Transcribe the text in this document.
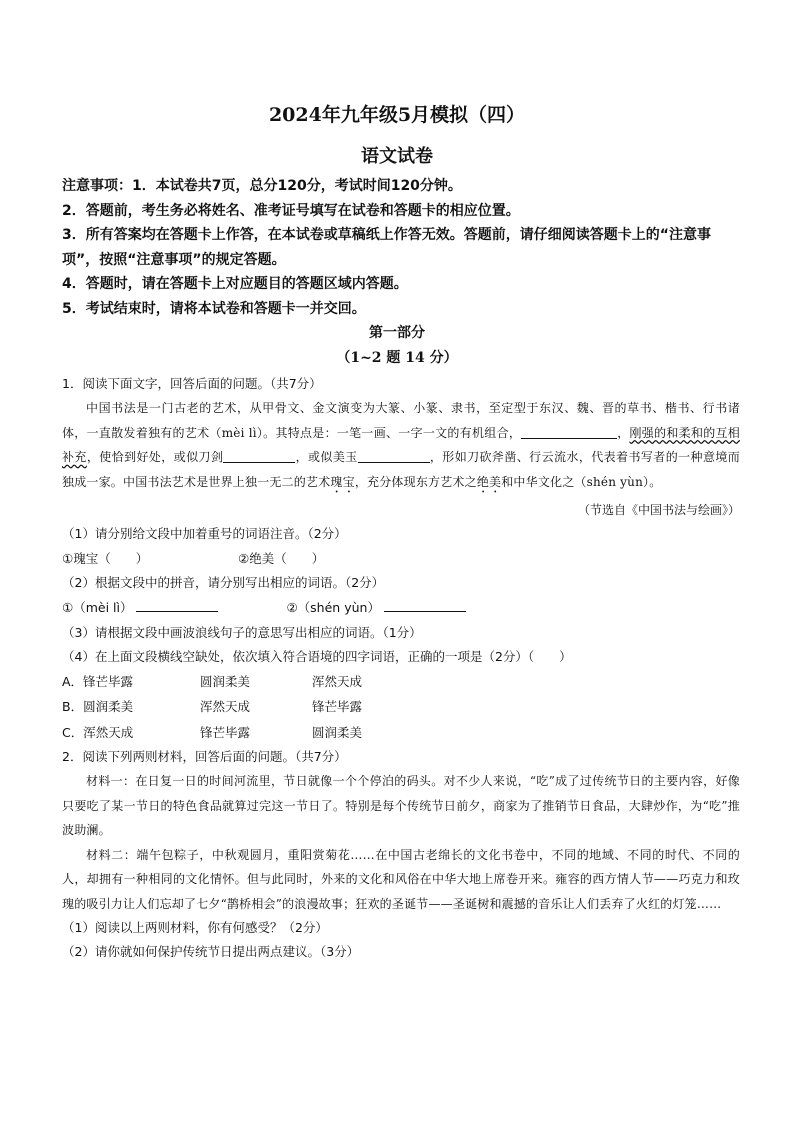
2024年九年级5月模拟（四）
语文试卷

注意事项：1．本试卷共7页，总分120分，考试时间120分钟。

2．答题前，考生务必将姓名、准考证号填写在试卷和答题卡的相应位置。

3．所有答案均在答题卡上作答，在本试卷或草稿纸上作答无效。答题前，请仔细阅读答题卡上的“注意事项”，按照“注意事项”的规定答题。

4．答题时，请在答题卡上对应题目的答题区域内答题。

5．考试结束时，请将本试卷和答题卡一并交回。

第一部分
（1~2 题 14 分）

1．阅读下面文字，回答后面的问题。（共7分）

中国书法是一门古老的艺术，从甲骨文、金文演变为大篆、小篆、隶书，至定型于东汉、魏、晋的草书、楷书、行书诸体，一直散发着独有的艺术（mèi lì）。其特点是：一笔一画、一字一文的有机组合，	，刚强的和柔和的互相补充，使恰到好处，或似刀剑	，或似美玉	，形如刀砍斧凿、行云流水，代表着书写者的一种意境而独成一家。中国书法艺术是世界上独一无二的艺术瑰宝，充分体现东方艺术之绝美和中华文化之（shén yùn）。

（节选自《中国书法与绘画》）

（1）请分别给文段中加着重号的词语注音。（2分）

①瑰宝（　　）	②绝美（　　）

（2）根据文段中的拼音，请分别写出相应的词语。（2分）

①（mèi lì）	②（shén yùn）

（3）请根据文段中画波浪线句子的意思写出相应的词语。（1分）

（4）在上面文段横线空缺处，依次填入符合语境的四字词语，正确的一项是（2分）（　　）

A．锋芒毕露	圆润柔美	浑然天成
B．圆润柔美	浑然天成	锋芒毕露
C．浑然天成	锋芒毕露	圆润柔美

2．阅读下列两则材料，回答后面的问题。（共7分）

材料一：在日复一日的时间河流里，节日就像一个个停泊的码头。对不少人来说，“吃”成了过传统节日的主要内容，好像只要吃了某一节日的特色食品就算过完这一节日了。特别是每个传统节日前夕，商家为了推销节日食品，大肆炒作，为“吃”推波助澜。

材料二：端午包粽子，中秋观圆月，重阳赏菊花……在中国古老绵长的文化书卷中，不同的地域、不同的时代、不同的人，却拥有一种相同的文化情怀。但与此同时，外来的文化和风俗在中华大地上席卷开来。雍容的西方情人节——巧克力和玫瑰的吸引力让人们忘却了七夕“鹊桥相会”的浪漫故事；狂欢的圣诞节——圣诞树和震撼的音乐让人们丢弃了火红的灯笼……

（1）阅读以上两则材料，你有何感受？（2分）

（2）请你就如何保护传统节日提出两点建议。（3分）
